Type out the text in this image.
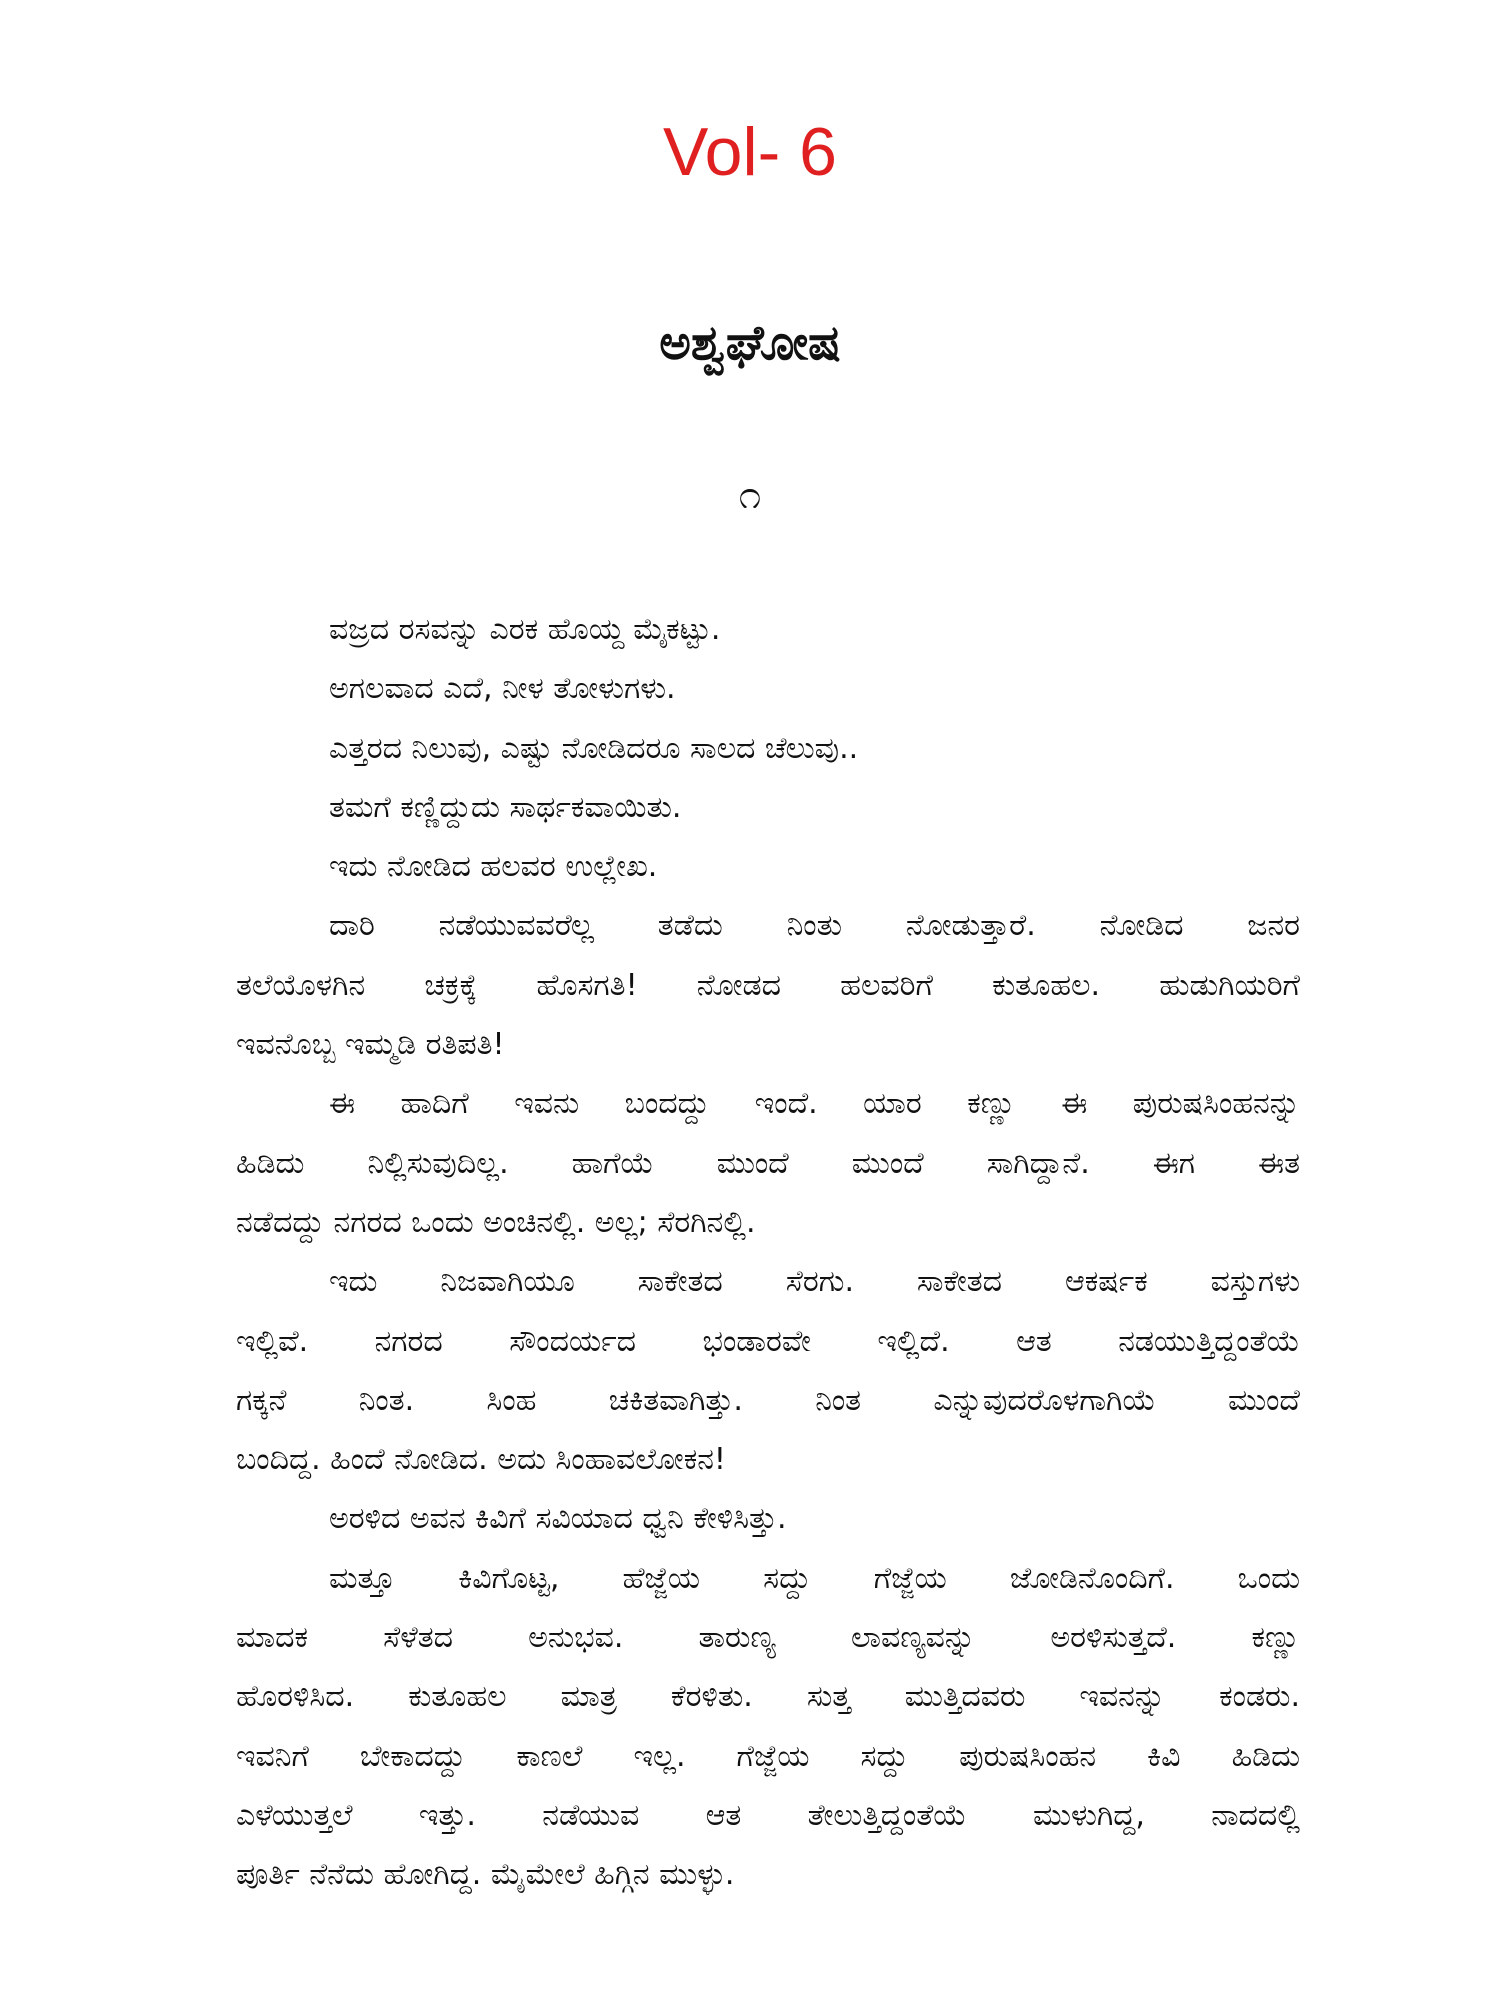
Vol- 6
ಅಶ್ವಘೋಷ
೧
ವಜ್ರದ ರಸವನ್ನು ಎರಕ ಹೊಯ್ದ ಮೈಕಟ್ಟು.
ಅಗಲವಾದ ಎದೆ, ನೀಳ ತೋಳುಗಳು.
ಎತ್ತರದ ನಿಲುವು, ಎಷ್ಟು ನೋಡಿದರೂ ಸಾಲದ ಚೆಲುವು..
ತಮಗೆ ಕಣ್ಣಿದ್ದುದು ಸಾರ್ಥಕವಾಯಿತು.
ಇದು ನೋಡಿದ ಹಲವರ ಉಲ್ಲೇಖ.
ದಾರಿ ನಡೆಯುವವರೆಲ್ಲ ತಡೆದು ನಿಂತು ನೋಡುತ್ತಾರೆ. ನೋಡಿದ ಜನರ
ತಲೆಯೊಳಗಿನ ಚಕ್ರಕ್ಕೆ ಹೊಸಗತಿ! ನೋಡದ ಹಲವರಿಗೆ ಕುತೂಹಲ. ಹುಡುಗಿಯರಿಗೆ
ಇವನೊಬ್ಬ ಇಮ್ಮಡಿ ರತಿಪತಿ!
ಈ ಹಾದಿಗೆ ಇವನು ಬಂದದ್ದು ಇಂದೆ. ಯಾರ ಕಣ್ಣು ಈ ಪುರುಷಸಿಂಹನನ್ನು
ಹಿಡಿದು ನಿಲ್ಲಿಸುವುದಿಲ್ಲ. ಹಾಗೆಯೆ ಮುಂದೆ ಮುಂದೆ ಸಾಗಿದ್ದಾನೆ. ಈಗ ಈತ
ನಡೆದದ್ದು ನಗರದ ಒಂದು ಅಂಚಿನಲ್ಲಿ. ಅಲ್ಲ; ಸೆರಗಿನಲ್ಲಿ.
ಇದು ನಿಜವಾಗಿಯೂ ಸಾಕೇತದ ಸೆರಗು. ಸಾಕೇತದ ಆಕರ್ಷಕ ವಸ್ತುಗಳು
ಇಲ್ಲಿವೆ. ನಗರದ ಸೌಂದರ್ಯದ ಭಂಡಾರವೇ ಇಲ್ಲಿದೆ. ಆತ ನಡಯುತ್ತಿದ್ದಂತೆಯೆ
ಗಕ್ಕನೆ ನಿಂತ. ಸಿಂಹ ಚಕಿತವಾಗಿತ್ತು. ನಿಂತ ಎನ್ನುವುದರೊಳಗಾಗಿಯೆ ಮುಂದೆ
ಬಂದಿದ್ದ. ಹಿಂದೆ ನೋಡಿದ. ಅದು ಸಿಂಹಾವಲೋಕನ!
ಅರಳಿದ ಅವನ ಕಿವಿಗೆ ಸವಿಯಾದ ಧ್ವನಿ ಕೇಳಿಸಿತ್ತು.
ಮತ್ತೂ ಕಿವಿಗೊಟ್ಟ, ಹೆಜ್ಜೆಯ ಸದ್ದು ಗೆಜ್ಜೆಯ ಜೋಡಿನೊಂದಿಗೆ. ಒಂದು
ಮಾದಕ ಸೆಳೆತದ ಅನುಭವ. ತಾರುಣ್ಯ ಲಾವಣ್ಯವನ್ನು ಅರಳಿಸುತ್ತದೆ. ಕಣ್ಣು
ಹೊರಳಿಸಿದ. ಕುತೂಹಲ ಮಾತ್ರ ಕೆರಳಿತು. ಸುತ್ತ ಮುತ್ತಿದವರು ಇವನನ್ನು ಕಂಡರು.
ಇವನಿಗೆ ಬೇಕಾದದ್ದು ಕಾಣಲೆ ಇಲ್ಲ. ಗೆಜ್ಜೆಯ ಸದ್ದು ಪುರುಷಸಿಂಹನ ಕಿವಿ ಹಿಡಿದು
ಎಳೆಯುತ್ತಲೆ ಇತ್ತು. ನಡೆಯುವ ಆತ ತೇಲುತ್ತಿದ್ದಂತೆಯೆ ಮುಳುಗಿದ್ದ, ನಾದದಲ್ಲಿ
ಪೂರ್ತಿ ನೆನೆದು ಹೋಗಿದ್ದ. ಮೈಮೇಲೆ ಹಿಗ್ಗಿನ ಮುಳ್ಳು.
